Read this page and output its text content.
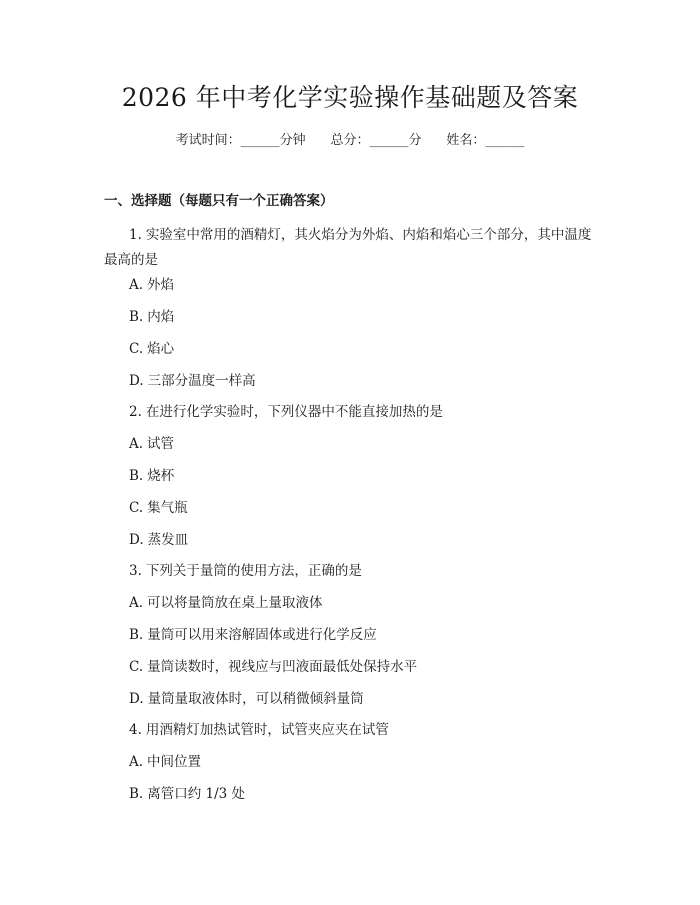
2026 年中考化学实验操作基础题及答案
考试时间：______分钟 总分：______分 姓名：______
一、选择题（每题只有一个正确答案）
1. 实验室中常用的酒精灯，其火焰分为外焰、内焰和焰心三个部分，其中温度最高的是
A. 外焰
B. 内焰
C. 焰心
D. 三部分温度一样高
2. 在进行化学实验时，下列仪器中不能直接加热的是
A. 试管
B. 烧杯
C. 集气瓶
D. 蒸发皿
3. 下列关于量筒的使用方法，正确的是
A. 可以将量筒放在桌上量取液体
B. 量筒可以用来溶解固体或进行化学反应
C. 量筒读数时，视线应与凹液面最低处保持水平
D. 量筒量取液体时，可以稍微倾斜量筒
4. 用酒精灯加热试管时，试管夹应夹在试管
A. 中间位置
B. 离管口约 1/3 处
